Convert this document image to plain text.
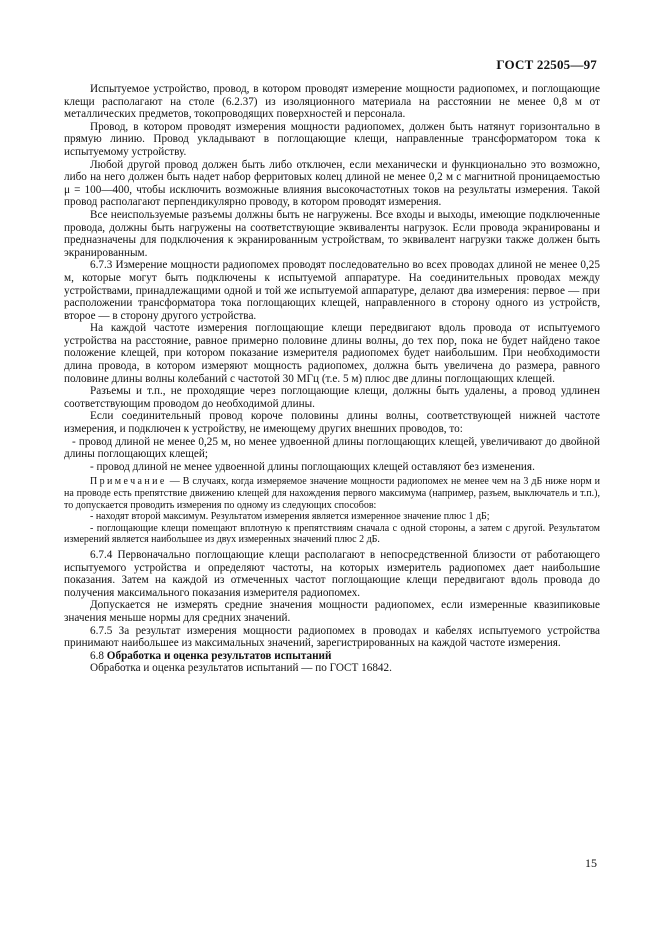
ГОСТ 22505—97

Испытуемое устройство, провод, в котором проводят измерение мощности радиопомех, и поглощающие клещи располагают на столе (6.2.37) из изоляционного материала на расстоянии не менее 0,8 м от металлических предметов, токопроводящих поверхностей и персонала.

Провод, в котором проводят измерения мощности радиопомех, должен быть натянут горизонтально в прямую линию. Провод укладывают в поглощающие клещи, направленные трансформатором тока к испытуемому устройству.

Любой другой провод должен быть либо отключен, если механически и функционально это возможно, либо на него должен быть надет набор ферритовых колец длиной не менее 0,2 м с магнитной проницаемостью μ = 100—400, чтобы исключить возможные влияния высокочастотных токов на результаты измерения. Такой провод располагают перпендикулярно проводу, в котором проводят измерения.

Все неиспользуемые разъемы должны быть не нагружены. Все входы и выходы, имеющие подключенные провода, должны быть нагружены на соответствующие эквиваленты нагрузок. Если провода экранированы и предназначены для подключения к экранированным устройствам, то эквивалент нагрузки также должен быть экранированным.

6.7.3 Измерение мощности радиопомех проводят последовательно во всех проводах длиной не менее 0,25 м, которые могут быть подключены к испытуемой аппаратуре. На соединительных проводах между устройствами, принадлежащими одной и той же испытуемой аппаратуре, делают два измерения: первое — при расположении трансформатора тока поглощающих клещей, направленного в сторону одного из устройств, второе — в сторону другого устройства.

На каждой частоте измерения поглощающие клещи передвигают вдоль провода от испытуемого устройства на расстояние, равное примерно половине длины волны, до тех пор, пока не будет найдено такое положение клещей, при котором показание измерителя радиопомех будет наибольшим. При необходимости длина провода, в котором измеряют мощность радиопомех, должна быть увеличена до размера, равного половине длины волны колебаний с частотой 30 МГц (т.е. 5 м) плюс две длины поглощающих клещей.

Разъемы и т.п., не проходящие через поглощающие клещи, должны быть удалены, а провод удлинен соответствующим проводом до необходимой длины.

Если соединительный провод короче половины длины волны, соответствующей нижней частоте измерения, и подключен к устройству, не имеющему других внешних проводов, то:

- провод длиной не менее 0,25 м, но менее удвоенной длины поглощающих клещей, увеличивают до двойной длины поглощающих клещей;

- провод длиной не менее удвоенной длины поглощающих клещей оставляют без изменения.

Примечание — В случаях, когда измеряемое значение мощности радиопомех не менее чем на 3 дБ ниже норм и на проводе есть препятствие движению клещей для нахождения первого максимума (например, разъем, выключатель и т.п.), то допускается проводить измерения по одному из следующих способов:

- находят второй максимум. Результатом измерения является измеренное значение плюс 1 дБ;

- поглощающие клещи помещают вплотную к препятствиям сначала с одной стороны, а затем с другой. Результатом измерений является наибольшее из двух измеренных значений плюс 2 дБ.

6.7.4 Первоначально поглощающие клещи располагают в непосредственной близости от работающего испытуемого устройства и определяют частоты, на которых измеритель радиопомех дает наибольшие показания. Затем на каждой из отмеченных частот поглощающие клещи передвигают вдоль провода до получения максимального показания измерителя радиопомех.

Допускается не измерять средние значения мощности радиопомех, если измеренные квазипиковые значения меньше нормы для средних значений.

6.7.5 За результат измерения мощности радиопомех в проводах и кабелях испытуемого устройства принимают наибольшее из максимальных значений, зарегистрированных на каждой частоте измерения.

6.8 Обработка и оценка результатов испытаний

Обработка и оценка результатов испытаний — по ГОСТ 16842.

15
